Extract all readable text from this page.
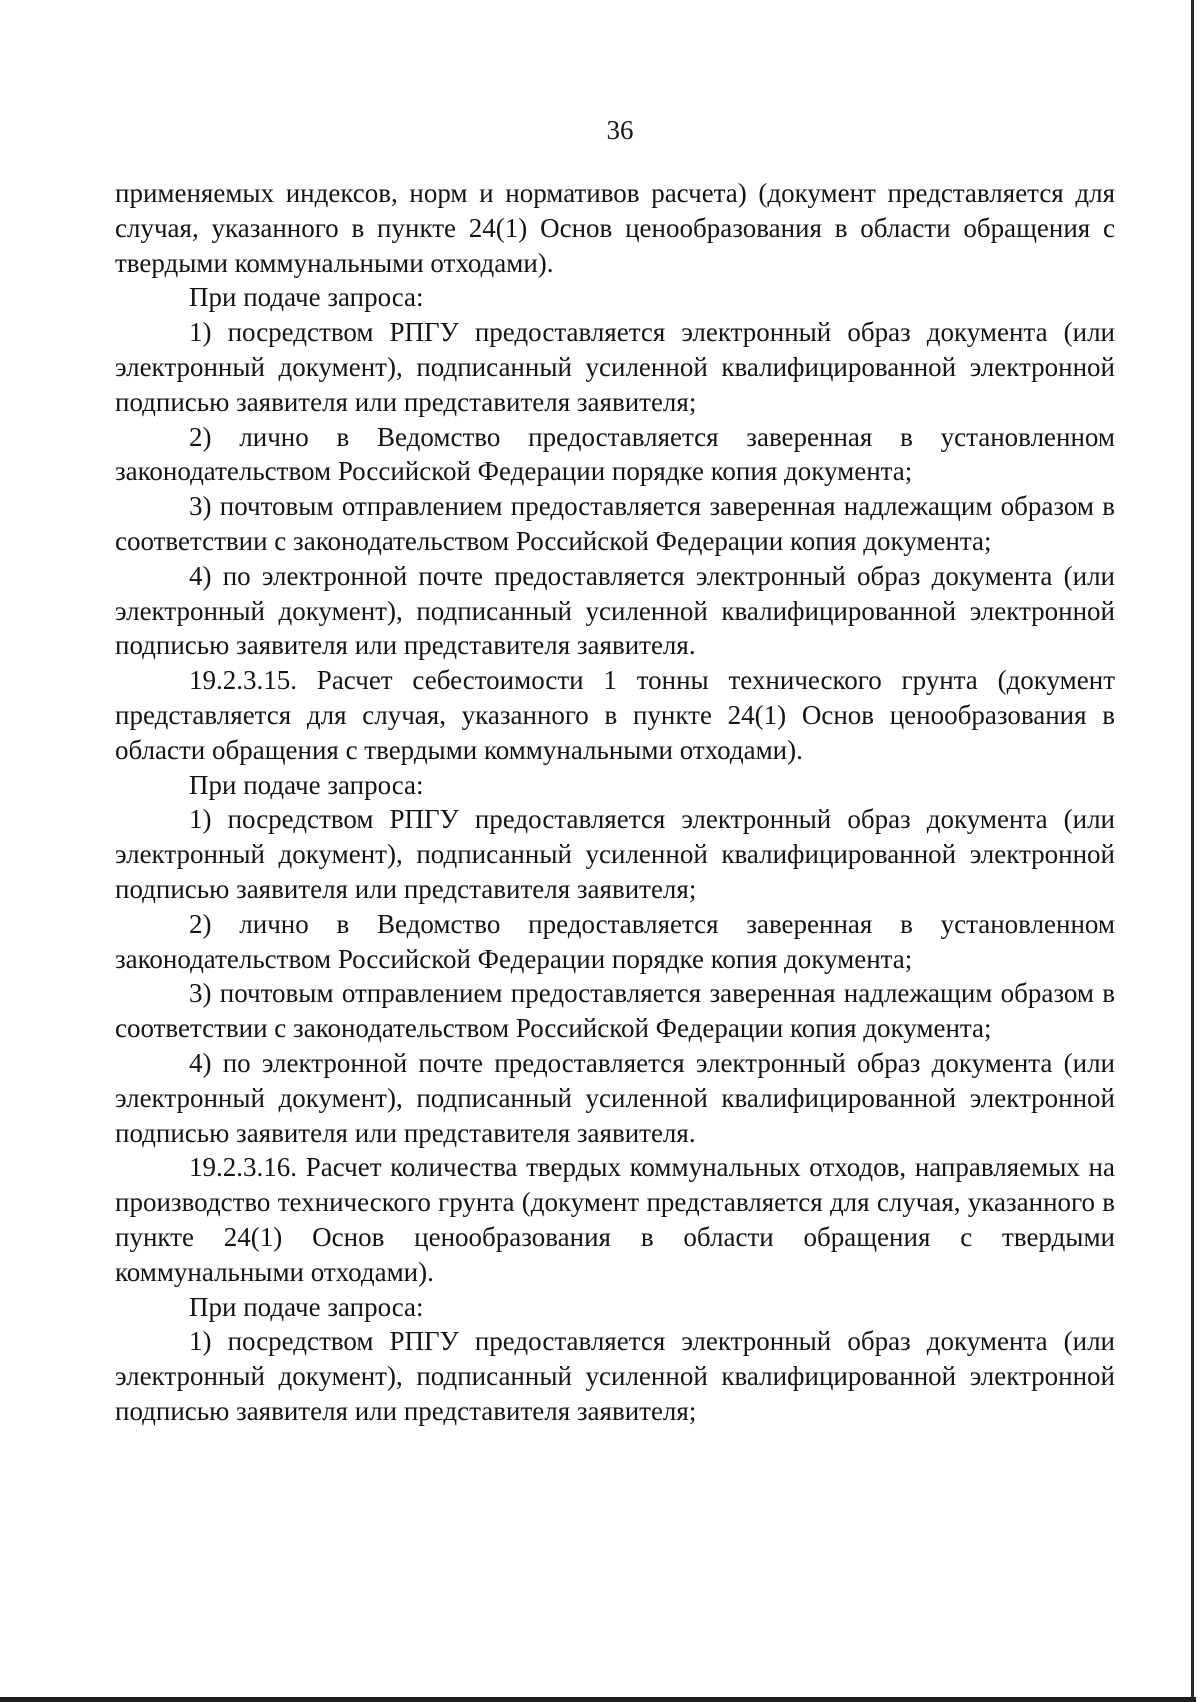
36

применяемых индексов, норм и нормативов расчета) (документ представляется для случая, указанного в пункте 24(1) Основ ценообразования в области обращения с твердыми коммунальными отходами).

При подаче запроса:

1) посредством РПГУ предоставляется электронный образ документа (или электронный документ), подписанный усиленной квалифицированной электронной подписью заявителя или представителя заявителя;

2) лично в Ведомство предоставляется заверенная в установленном законодательством Российской Федерации порядке копия документа;

3) почтовым отправлением предоставляется заверенная надлежащим образом в соответствии с законодательством Российской Федерации копия документа;

4) по электронной почте предоставляется электронный образ документа (или электронный документ), подписанный усиленной квалифицированной электронной подписью заявителя или представителя заявителя.

19.2.3.15. Расчет себестоимости 1 тонны технического грунта (документ представляется для случая, указанного в пункте 24(1) Основ ценообразования в области обращения с твердыми коммунальными отходами).

При подаче запроса:

1) посредством РПГУ предоставляется электронный образ документа (или электронный документ), подписанный усиленной квалифицированной электронной подписью заявителя или представителя заявителя;

2) лично в Ведомство предоставляется заверенная в установленном законодательством Российской Федерации порядке копия документа;

3) почтовым отправлением предоставляется заверенная надлежащим образом в соответствии с законодательством Российской Федерации копия документа;

4) по электронной почте предоставляется электронный образ документа (или электронный документ), подписанный усиленной квалифицированной электронной подписью заявителя или представителя заявителя.

19.2.3.16. Расчет количества твердых коммунальных отходов, направляемых на производство технического грунта (документ представляется для случая, указанного в пункте 24(1) Основ ценообразования в области обращения с твердыми коммунальными отходами).

При подаче запроса:

1) посредством РПГУ предоставляется электронный образ документа (или электронный документ), подписанный усиленной квалифицированной электронной подписью заявителя или представителя заявителя;
